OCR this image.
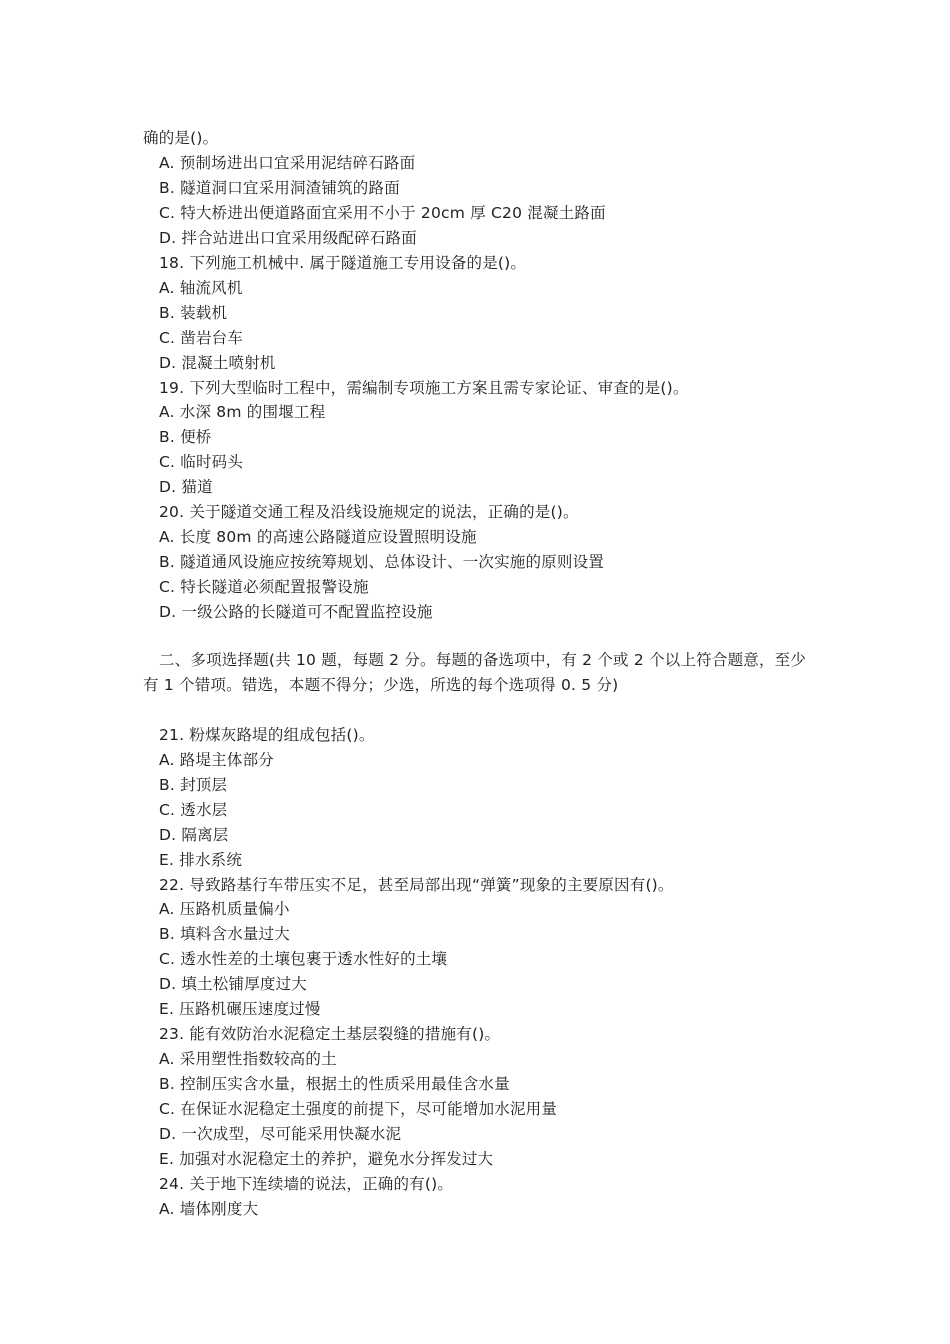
确的是()。
A. 预制场进出口宜采用泥结碎石路面
B. 隧道洞口宜采用洞渣铺筑的路面
C. 特大桥进出便道路面宜采用不小于 20cm 厚 C20 混凝土路面
D. 拌合站进出口宜采用级配碎石路面
18. 下列施工机械中. 属于隧道施工专用设备的是()。
A. 轴流风机
B. 装载机
C. 凿岩台车
D. 混凝土喷射机
19. 下列大型临时工程中，需编制专项施工方案且需专家论证、审查的是()。
A. 水深 8m 的围堰工程
B. 便桥
C. 临时码头
D. 猫道
20. 关于隧道交通工程及沿线设施规定的说法，正确的是()。
A. 长度 80m 的高速公路隧道应设置照明设施
B. 隧道通风设施应按统筹规划、总体设计、一次实施的原则设置
C. 特长隧道必须配置报警设施
D. 一级公路的长隧道可不配置监控设施
二、多项选择题(共 10 题，每题 2 分。每题的备选项中，有 2 个或 2 个以上符合题意，至少
有 1 个错项。错选，本题不得分；少选，所选的每个选项得 0. 5 分)
21. 粉煤灰路堤的组成包括()。
A. 路堤主体部分
B. 封顶层
C. 透水层
D. 隔离层
E. 排水系统
22. 导致路基行车带压实不足，甚至局部出现“弹簧”现象的主要原因有()。
A. 压路机质量偏小
B. 填料含水量过大
C. 透水性差的土壤包裹于透水性好的土壤
D. 填土松铺厚度过大
E. 压路机碾压速度过慢
23. 能有效防治水泥稳定土基层裂缝的措施有()。
A. 采用塑性指数较高的土
B. 控制压实含水量，根据土的性质采用最佳含水量
C. 在保证水泥稳定土强度的前提下，尽可能增加水泥用量
D. 一次成型，尽可能采用快凝水泥
E. 加强对水泥稳定土的养护，避免水分挥发过大
24. 关于地下连续墙的说法，正确的有()。
A. 墙体刚度大
